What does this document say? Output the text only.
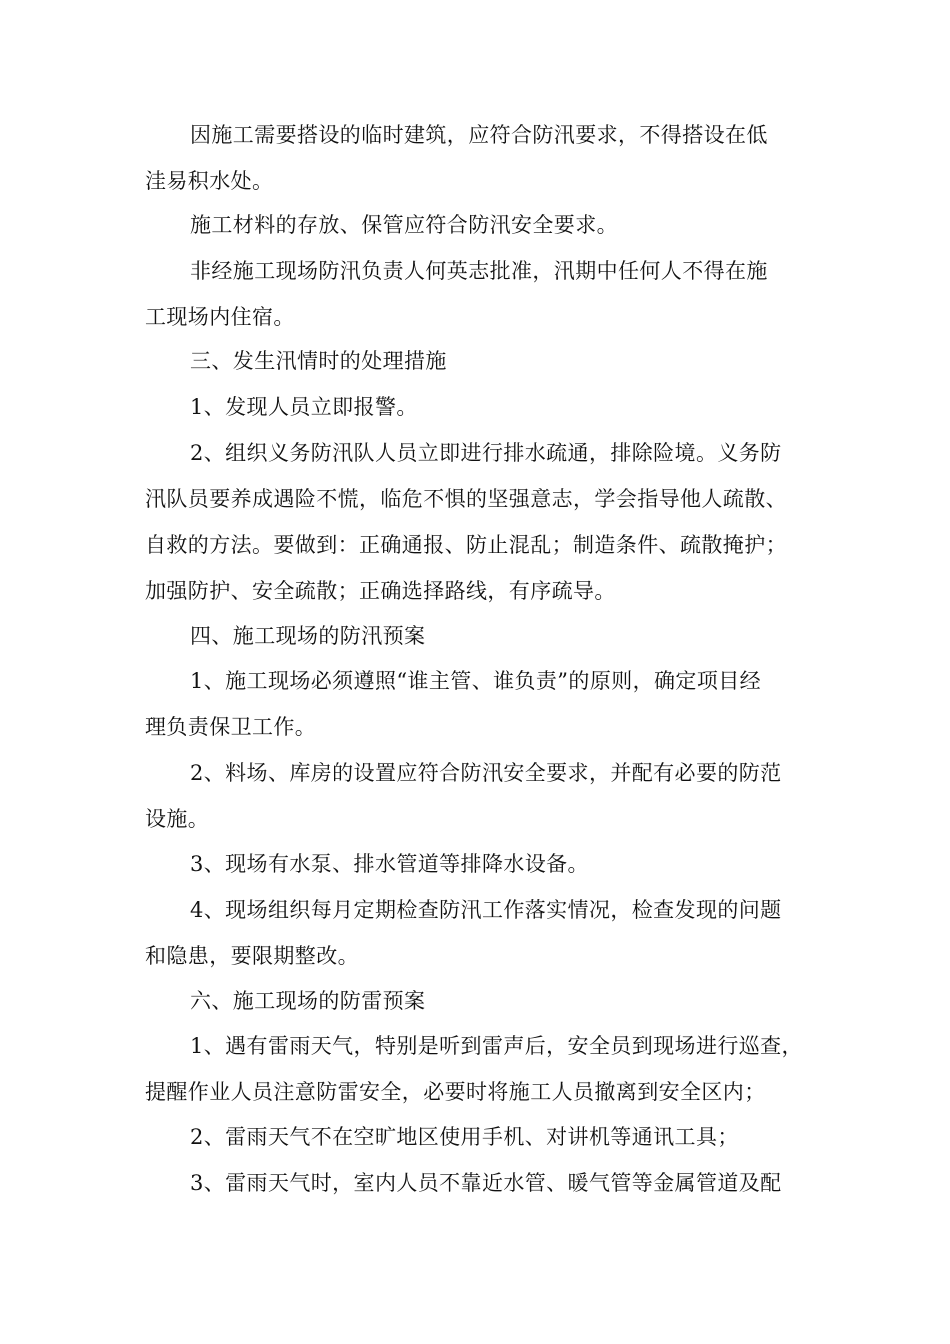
因施工需要搭设的临时建筑，应符合防汛要求，不得搭设在低
洼易积水处。
施工材料的存放、保管应符合防汛安全要求。
非经施工现场防汛负责人何英志批准，汛期中任何人不得在施
工现场内住宿。
三、发生汛情时的处理措施
1、发现人员立即报警。
2、组织义务防汛队人员立即进行排水疏通，排除险境。义务防
汛队员要养成遇险不慌，临危不惧的坚强意志，学会指导他人疏散、
自救的方法。要做到：正确通报、防止混乱；制造条件、疏散掩护；
加强防护、安全疏散；正确选择路线，有序疏导。
四、施工现场的防汛预案
1、施工现场必须遵照“谁主管、谁负责”的原则，确定项目经
理负责保卫工作。
2、料场、库房的设置应符合防汛安全要求，并配有必要的防范
设施。
3、现场有水泵、排水管道等排降水设备。
4、现场组织每月定期检查防汛工作落实情况，检查发现的问题
和隐患，要限期整改。
六、施工现场的防雷预案
1、遇有雷雨天气，特别是听到雷声后，安全员到现场进行巡查，
提醒作业人员注意防雷安全，必要时将施工人员撤离到安全区内；
2、雷雨天气不在空旷地区使用手机、对讲机等通讯工具；
3、雷雨天气时，室内人员不靠近水管、暖气管等金属管道及配
